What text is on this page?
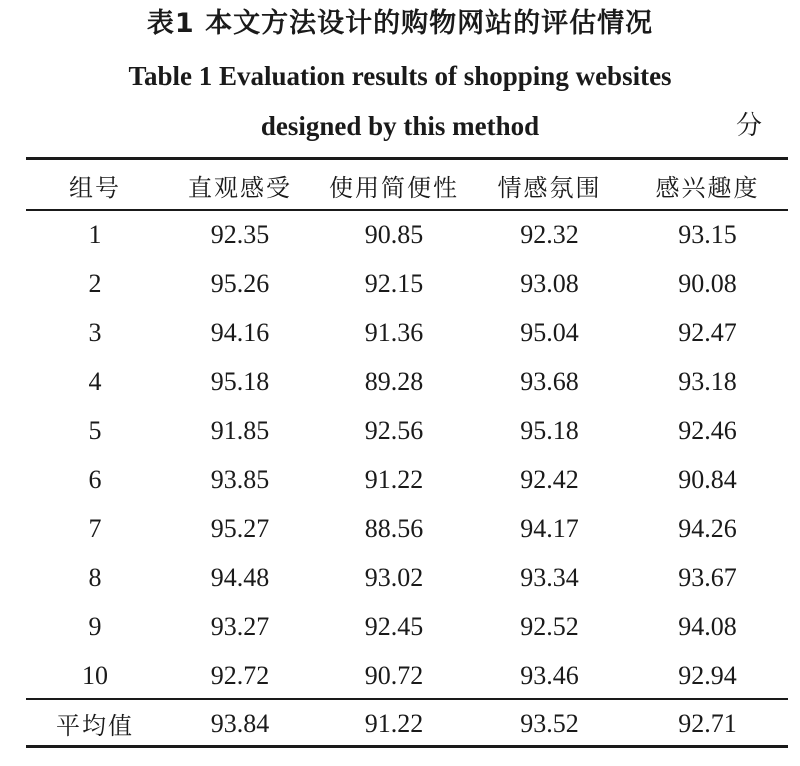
表1 本文方法设计的购物网站的评估情况
Table 1 Evaluation results of shopping websites
designed by this method	分
组号	直观感受	使用简便性	情感氛围	感兴趣度
1	92.35	90.85	92.32	93.15
2	95.26	92.15	93.08	90.08
3	94.16	91.36	95.04	92.47
4	95.18	89.28	93.68	93.18
5	91.85	92.56	95.18	92.46
6	93.85	91.22	92.42	90.84
7	95.27	88.56	94.17	94.26
8	94.48	93.02	93.34	93.67
9	93.27	92.45	92.52	94.08
10	92.72	90.72	93.46	92.94
平均值	93.84	91.22	93.52	92.71
